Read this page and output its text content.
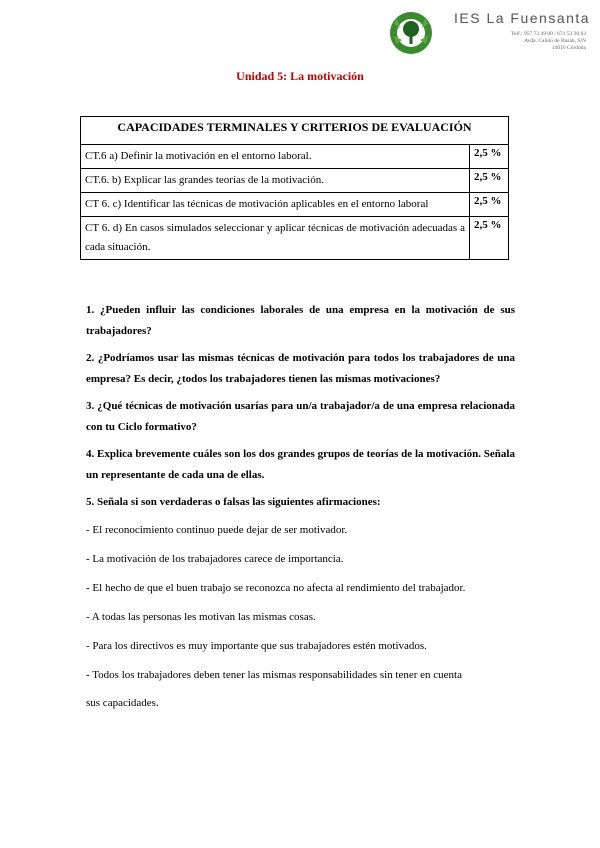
IES La Fuensanta
Telf.: 957 73 49 00 / 671 53 20 63
Avda. Cañito de Bazán, S/N
14010 Córdoba
Unidad 5: La motivación
CAPACIDADES TERMINALES Y CRITERIOS DE EVALUACIÓN	
CT.6 a) Definir la motivación en el entorno laboral.	2,5 %
CT.6. b) Explicar las grandes teorías de la motivación.	2,5 %
CT 6. c) Identificar las técnicas de motivación aplicables en el entorno laboral	2,5 %
CT 6. d) En casos simulados seleccionar y aplicar técnicas de motivación adecuadas a cada situación.	2,5 %

1. ¿Pueden influir las condiciones laborales de una empresa en la motivación de sus trabajadores?

2. ¿Podríamos usar las mismas técnicas de motivación para todos los trabajadores de una empresa? Es decir, ¿todos los trabajadores tienen las mismas motivaciones?

3. ¿Qué técnicas de motivación usarías para un/a trabajador/a de una empresa relacionada con tu Ciclo formativo?

4. Explica brevemente cuáles son los dos grandes grupos de teorías de la motivación. Señala un representante de cada una de ellas.

5. Señala si son verdaderas o falsas las siguientes afirmaciones:

- El reconocimiento continuo puede dejar de ser motivador.

- La motivación de los trabajadores carece de importancia.

- El hecho de que el buen trabajo se reconozca no afecta al rendimiento del trabajador.

- A todas las personas les motivan las mismas cosas.

- Para los directivos es muy importante que sus trabajadores estén motivados.

- Todos los trabajadores deben tener las mismas responsabilidades sin tener en cuenta

sus capacidades.
